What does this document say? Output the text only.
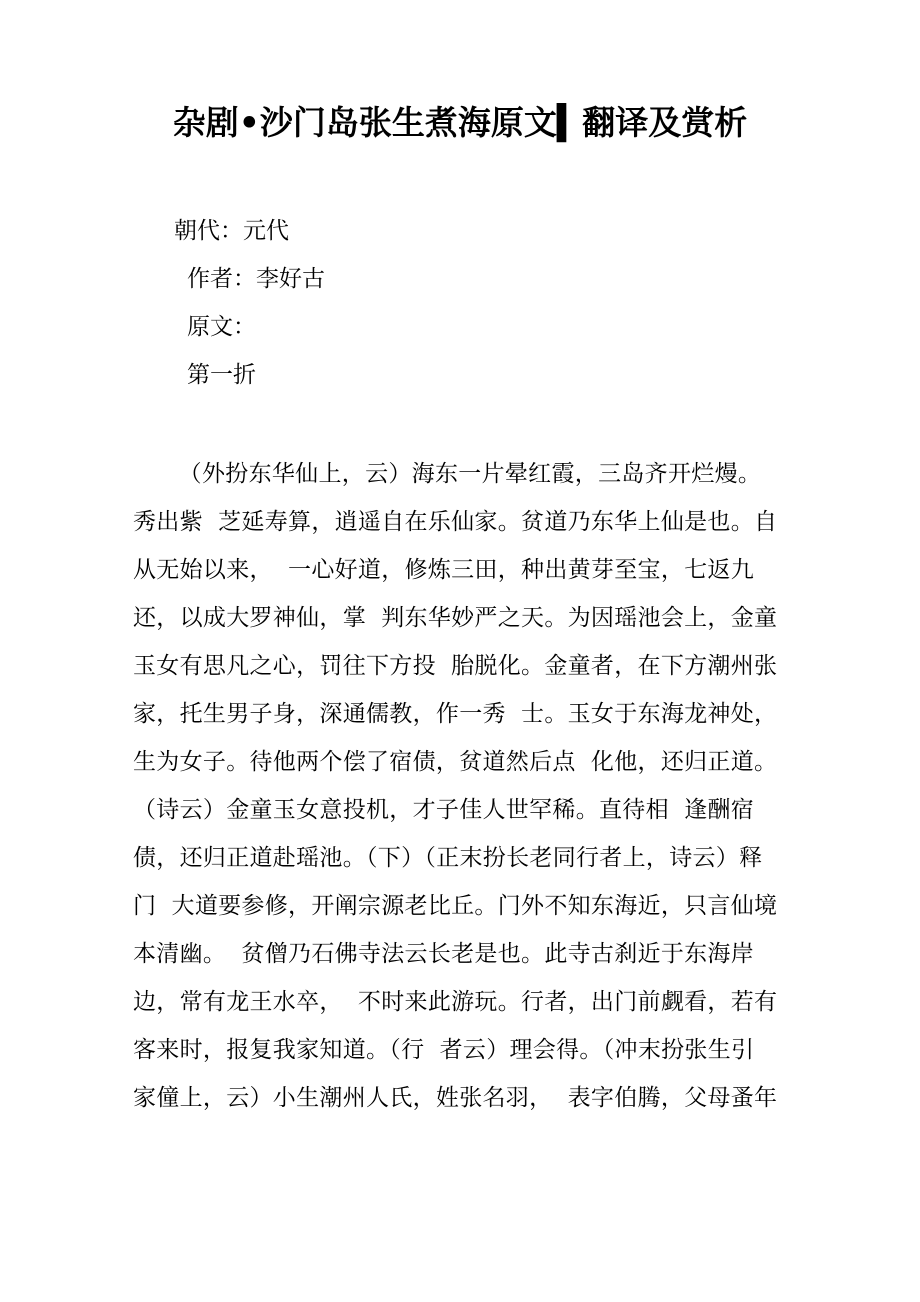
杂剧•沙门岛张生煮海原文▍翻译及赏析
朝代：元代
作者：李好古
原文：
第一折
（外扮东华仙上，云）海东一片晕红霞，三岛齐开烂熳。
秀出紫  芝延寿算，逍遥自在乐仙家。贫道乃东华上仙是也。自
从无始以来，  一心好道，修炼三田，种出黄芽至宝，七返九
还，以成大罗神仙，掌  判东华妙严之天。为因瑶池会上，金童
玉女有思凡之心，罚往下方投  胎脱化。金童者，在下方潮州张
家，托生男子身，深通儒教，作一秀  士。玉女于东海龙神处，
生为女子。待他两个偿了宿债，贫道然后点  化他，还归正道。
（诗云）金童玉女意投机，才子佳人世罕稀。直待相  逢酬宿
债，还归正道赴瑶池。（下）（正末扮长老同行者上，诗云）释
门  大道要参修，开阐宗源老比丘。门外不知东海近，只言仙境
本清幽。  贫僧乃石佛寺法云长老是也。此寺古刹近于东海岸
边，常有龙王水卒，  不时来此游玩。行者，出门前觑看，若有
客来时，报复我家知道。（行  者云）理会得。（冲末扮张生引
家僮上，云）小生潮州人氏，姓张名羽，  表字伯腾，父母蚤年
